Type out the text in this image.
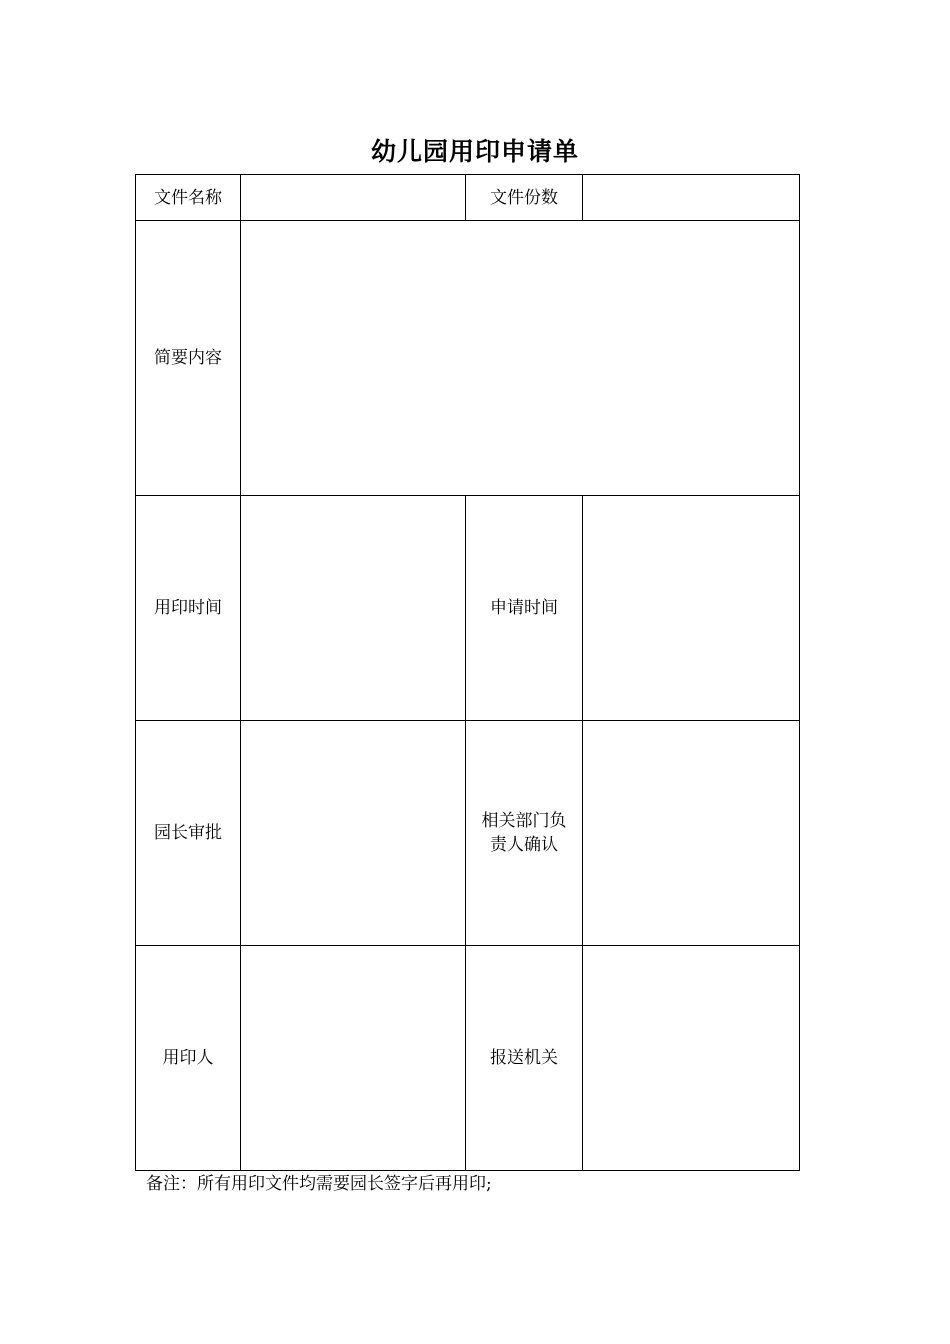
幼儿园用印申请单
文件名称		文件份数	
简要内容			
用印时间		申请时间	
园长审批		相关部门负
责人确认	
用印人		报送机关	
备注：所有用印文件均需要园长签字后再用印;
